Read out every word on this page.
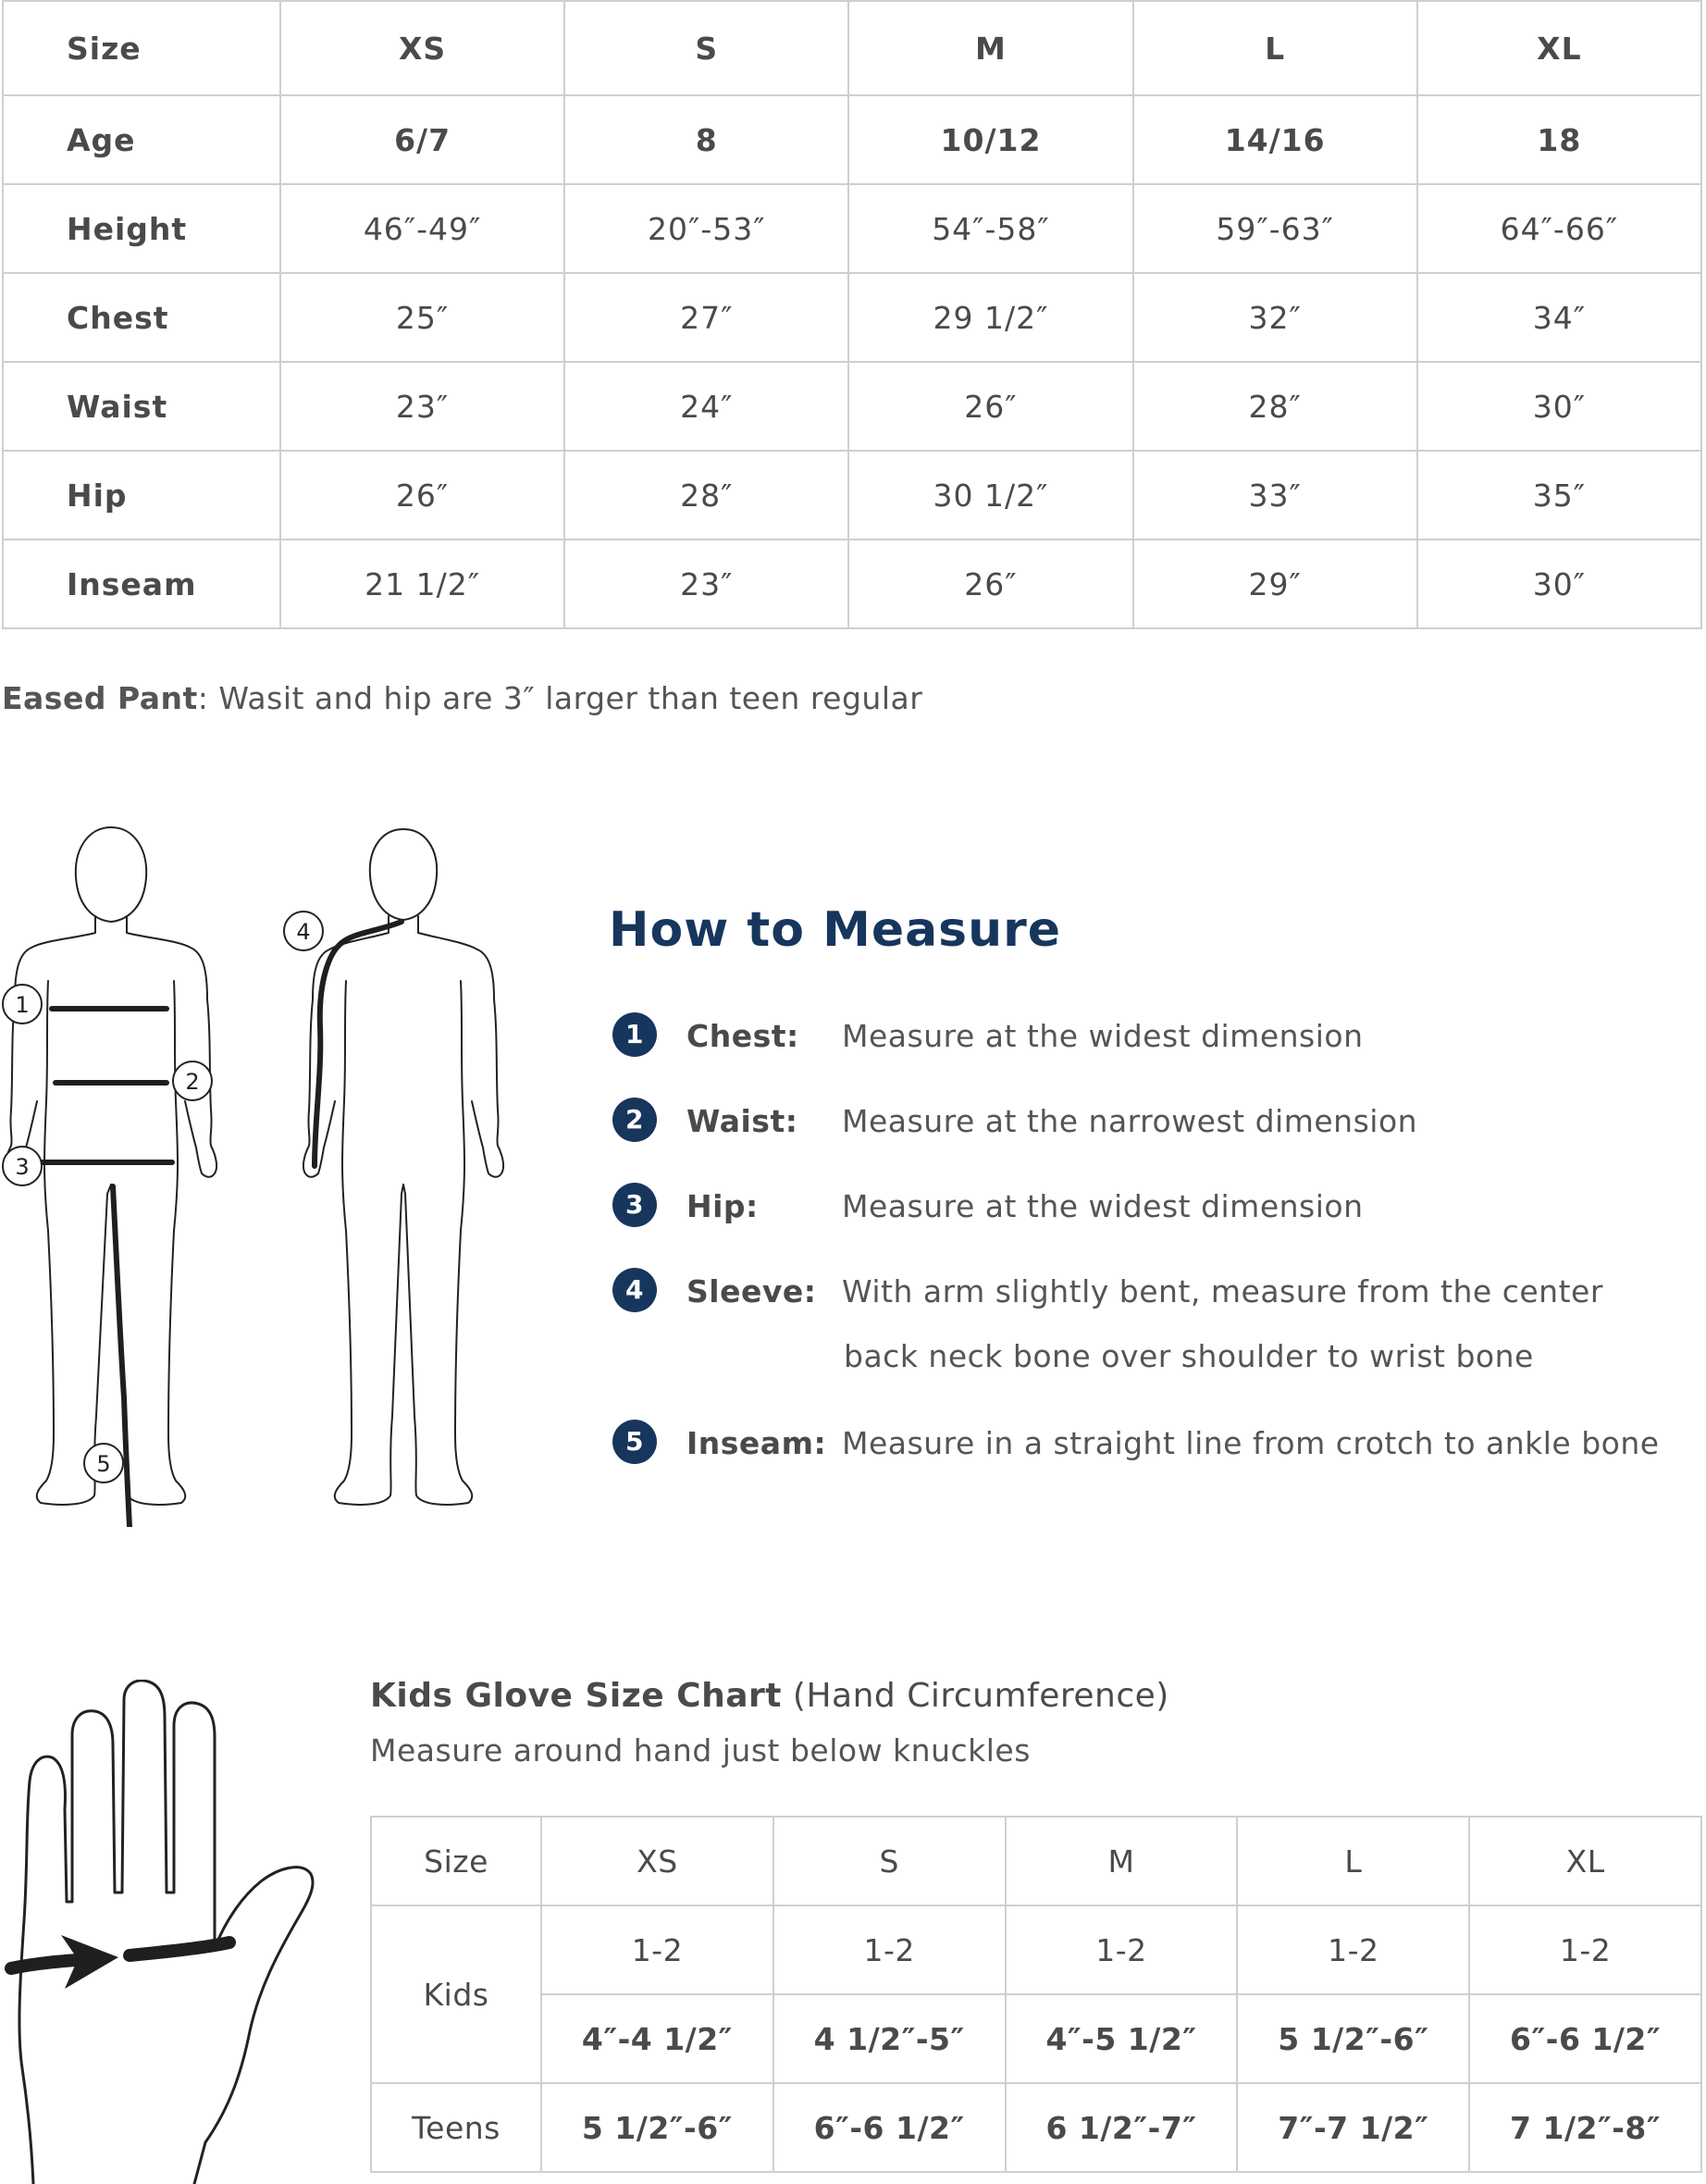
Size	XS	S	M	L	XL
Age	6/7	8	10/12	14/16	18
Height	46″-49″	20″-53″	54″-58″	59″-63″	64″-66″
Chest	25″	27″	29 1/2″	32″	34″
Waist	23″	24″	26″	28″	30″
Hip	26″	28″	30 1/2″	33″	35″
Inseam	21 1/2″	23″	26″	29″	30″
Eased Pant: Wasit and hip are 3″ larger than teen regular
1
2
3
5
4	How to Measure
1	Chest: Measure at the widest dimension
2	Waist: Measure at the narrowest dimension
3	Hip:	Measure at the widest dimension
4	Sleeve: With arm slightly bent, measure from the center
back neck bone over shoulder to wrist bone
5	Inseam: Measure in a straight line from crotch to ankle bone
Kids Glove Size Chart (Hand Circumference)
Measure around hand just below knuckles
Size	XS	S	M	L	XL
Kids	1-2	1-2	1-2	1-2	1-2
	4″-4 1/2″	4 1/2″-5″	4″-5 1/2″	5 1/2″-6″	6″-6 1/2″
Teens	5 1/2″-6″	6″-6 1/2″	6 1/2″-7″	7″-7 1/2″	7 1/2″-8″
